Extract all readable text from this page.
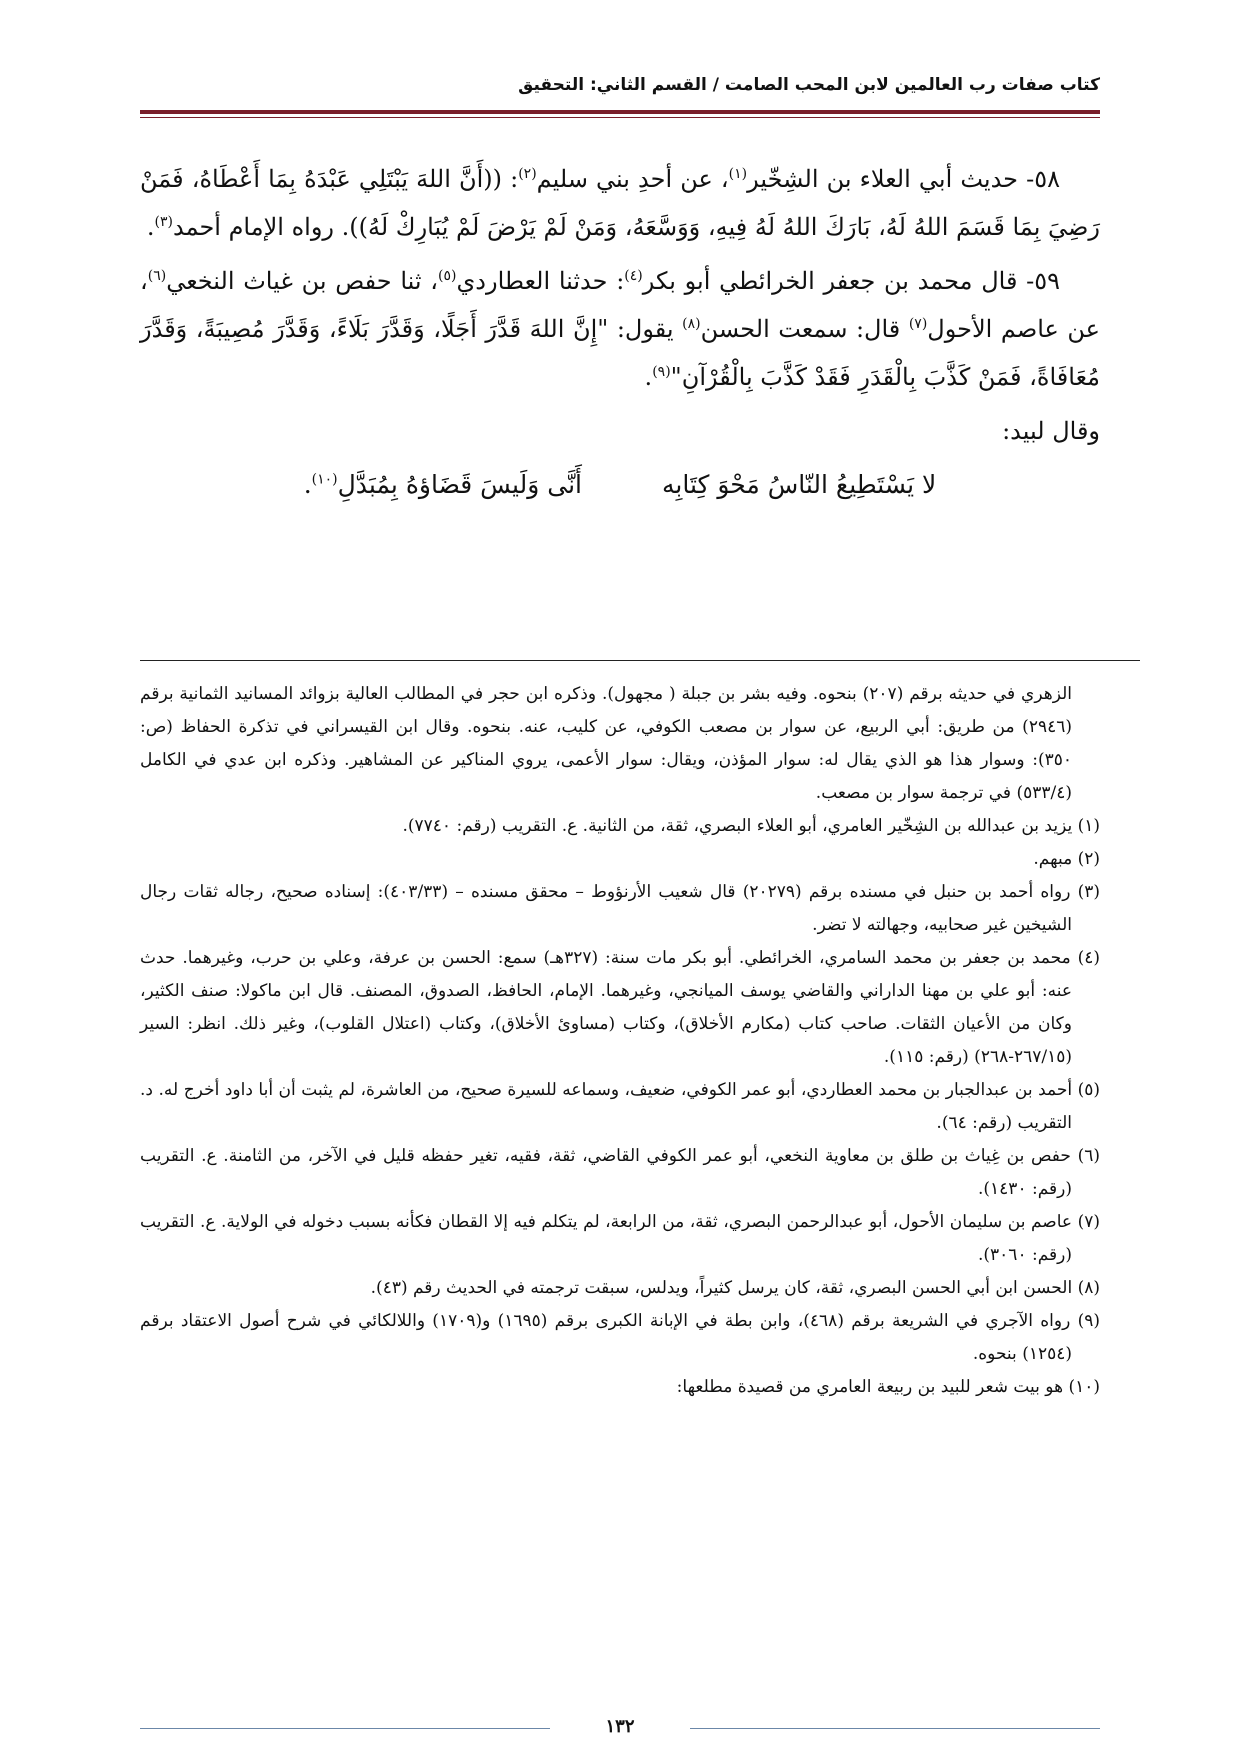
كتاب صفات رب العالمين لابن المحب الصامت / القسم الثاني: التحقيق

٥٨- حديث أبي العلاء بن الشِخّير$^{(١)}$، عن أحدِ بني سليم$^{(٢)}$: ((أَنَّ اللهَ يَبْتَلِي عَبْدَهُ بِمَا أَعْطَاهُ، فَمَنْ رَضِيَ بِمَا قَسَمَ اللهُ لَهُ، بَارَكَ اللهُ لَهُ فِيهِ، وَوَسَّعَهُ، وَمَنْ لَمْ يَرْضَ لَمْ يُبَارِكْ لَهُ)). رواه الإمام أحمد$^{(٣)}$.

٥٩- قال محمد بن جعفر الخرائطي أبو بكر$^{(٤)}$: حدثنا العطاردي$^{(٥)}$، ثنا حفص بن غياث النخعي$^{(٦)}$، عن عاصم الأحول$^{(٧)}$ قال: سمعت الحسن$^{(٨)}$ يقول: "إِنَّ اللهَ قَدَّرَ أَجَلًا، وَقَدَّرَ بَلَاءً، وَقَدَّرَ مُصِيبَةً، وَقَدَّرَ مُعَافَاةً، فَمَنْ كَذَّبَ بِالْقَدَرِ فَقَدْ كَذَّبَ بِالْقُرْآنِ"$^{(٩)}$.

وقال لبيد:

لا يَسْتَطِيعُ النّاسُ مَحْوَ كِتَابِه
أَنَّى وَلَيسَ قَضَاؤهُ بِمُبَدَّلِ$^{(١٠)}$.

الزهري في حديثه برقم (٢٠٧) بنحوه. وفيه بشر بن جبلة ( مجهول). وذكره ابن حجر في المطالب العالية بزوائد المسانيد الثمانية برقم (٢٩٤٦) من طريق: أبي الربيع، عن سوار بن مصعب الكوفي، عن كليب، عنه. بنحوه. وقال ابن القيسراني في تذكرة الحفاظ (ص: ٣٥٠): وسوار هذا هو الذي يقال له: سوار المؤذن، ويقال: سوار الأعمى، يروي المناكير عن المشاهير. وذكره ابن عدي في الكامل (٥٣٣/٤) في ترجمة سوار بن مصعب.

(١) يزيد بن عبدالله بن الشِخّير العامري، أبو العلاء البصري، ثقة، من الثانية. ع. التقريب (رقم: ٧٧٤٠).

(٢) مبهم.

(٣) رواه أحمد بن حنبل في مسنده برقم (٢٠٢٧٩) قال شعيب الأرنؤوط – محقق مسنده – (٤٠٣/٣٣): إسناده صحيح، رجاله ثقات رجال الشيخين غير صحابيه، وجهالته لا تضر.

(٤) محمد بن جعفر بن محمد السامري، الخرائطي. أبو بكر مات سنة: (٣٢٧هـ) سمع: الحسن بن عرفة، وعلي بن حرب، وغيرهما. حدث عنه: أبو علي بن مهنا الداراني والقاضي يوسف الميانجي، وغيرهما. الإمام، الحافظ، الصدوق، المصنف. قال ابن ماكولا: صنف الكثير، وكان من الأعيان الثقات. صاحب كتاب (مكارم الأخلاق)، وكتاب (مساوئ الأخلاق)، وكتاب (اعتلال القلوب)، وغير ذلك. انظر: السير (٢٦٧/١٥-٢٦٨) (رقم: ١١٥).

(٥) أحمد بن عبدالجبار بن محمد العطاردي، أبو عمر الكوفي، ضعيف، وسماعه للسيرة صحيح، من العاشرة، لم يثبت أن أبا داود أخرج له. د. التقريب (رقم: ٦٤).

(٦) حفص بن غِياث بن طلق بن معاوية النخعي، أبو عمر الكوفي القاضي، ثقة، فقيه، تغير حفظه قليل في الآخر، من الثامنة. ع. التقريب (رقم: ١٤٣٠).

(٧) عاصم بن سليمان الأحول، أبو عبدالرحمن البصري، ثقة، من الرابعة، لم يتكلم فيه إلا القطان فكأنه بسبب دخوله في الولاية. ع. التقريب (رقم: ٣٠٦٠).

(٨) الحسن ابن أبي الحسن البصري، ثقة، كان يرسل كثيراً، ويدلس، سبقت ترجمته في الحديث رقم (٤٣).

(٩) رواه الآجري في الشريعة برقم (٤٦٨)، وابن بطة في الإبانة الكبرى برقم (١٦٩٥) و(١٧٠٩) واللالكائي في شرح أصول الاعتقاد برقم (١٢٥٤) بنحوه.

(١٠) هو بيت شعر للبيد بن ربيعة العامري من قصيدة مطلعها:

١٣٢
